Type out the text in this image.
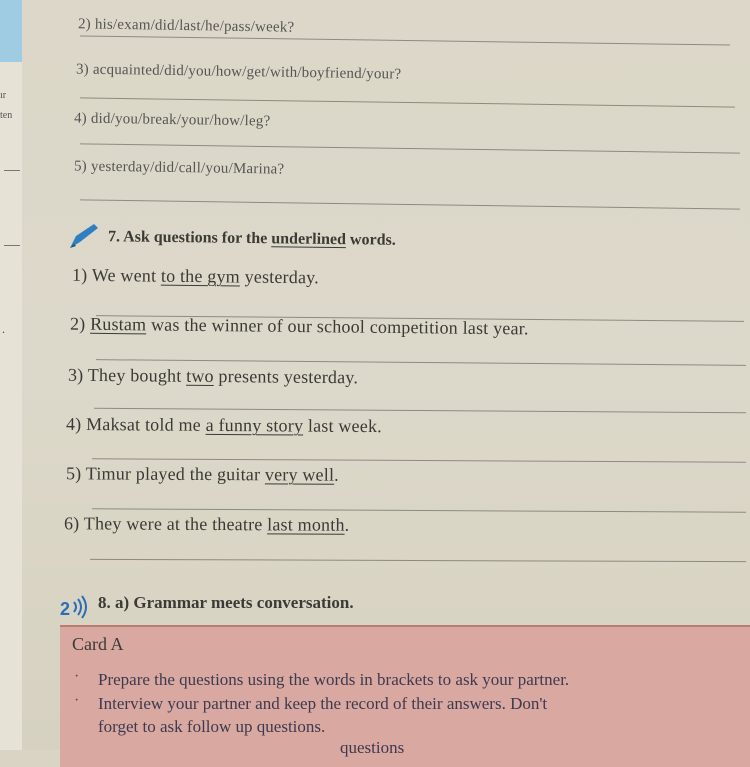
ır
ten
.
2) his/exam/did/last/he/pass/week?
3) acquainted/did/you/how/get/with/boyfriend/your?
4) did/you/break/your/how/leg?
5) yesterday/did/call/you/Marina?
7. Ask questions for the underlined words.
1) We went to the gym yesterday.
2) Rustam was the winner of our school competition last year.
3) They bought two presents yesterday.
4) Maksat told me a funny story last week.
5) Timur played the guitar very well.
6) They were at the theatre last month.
2 8. a) Grammar meets conversation.
Card A
· Prepare the questions using the words in brackets to ask your partner.
· Interview your partner and keep the record of their answers. Don't
forget to ask follow up questions.
questions
